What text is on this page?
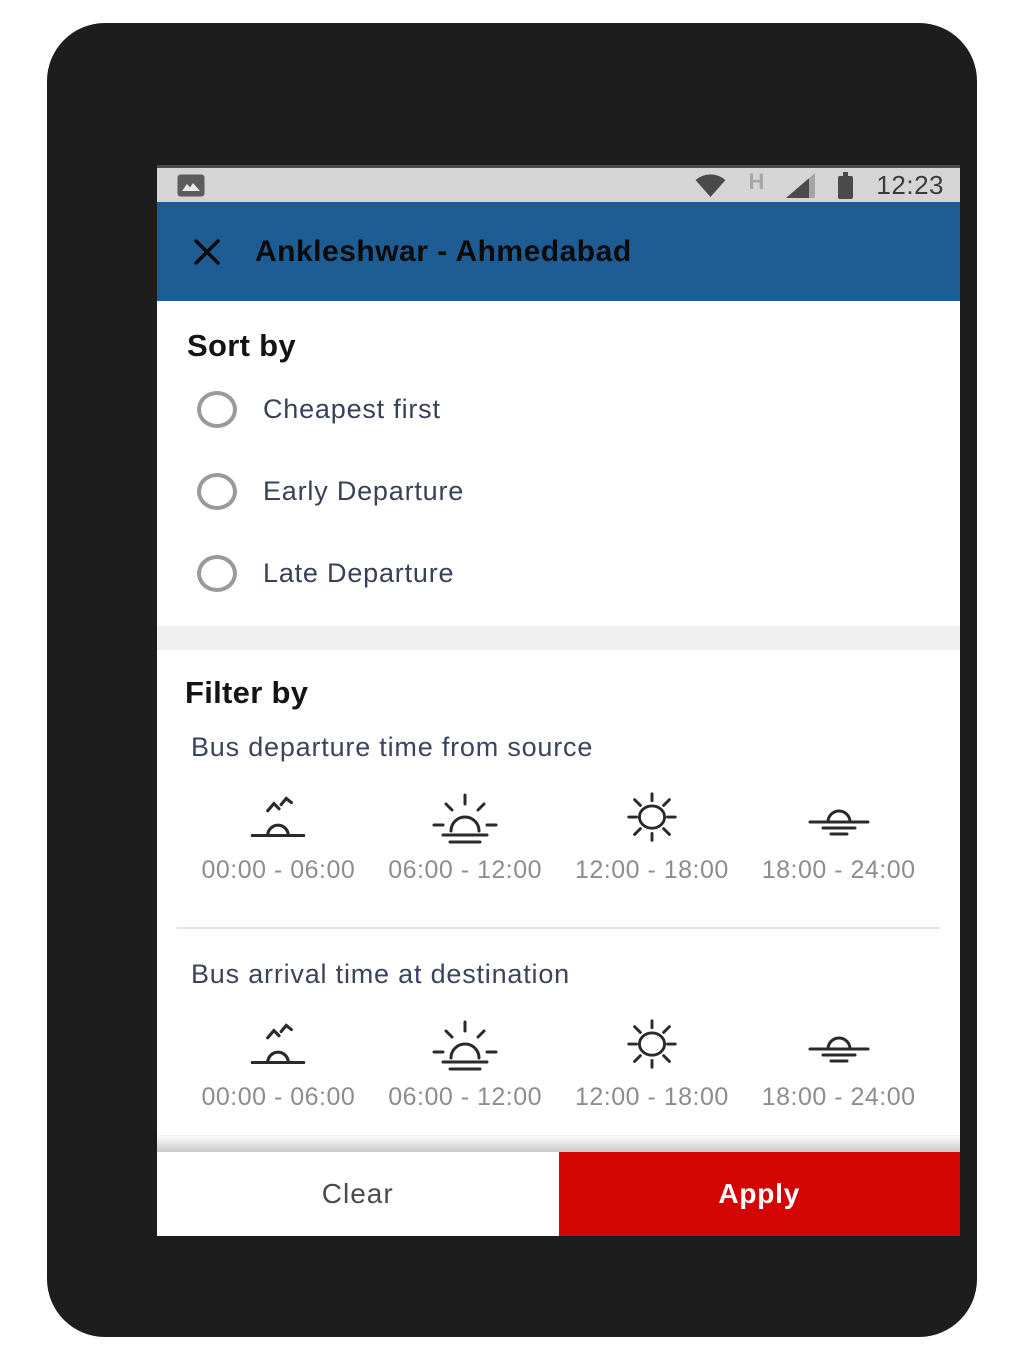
H	12:23
Ankleshwar - Ahmedabad
Sort by
Cheapest first
Early Departure
Late Departure
Filter by
Bus departure time from source
00:00 - 06:00 06:00 - 12:00 12:00 - 18:00 18:00 - 24:00
Bus arrival time at destination
00:00 - 06:00 06:00 - 12:00 12:00 - 18:00 18:00 - 24:00
Clear	Apply
